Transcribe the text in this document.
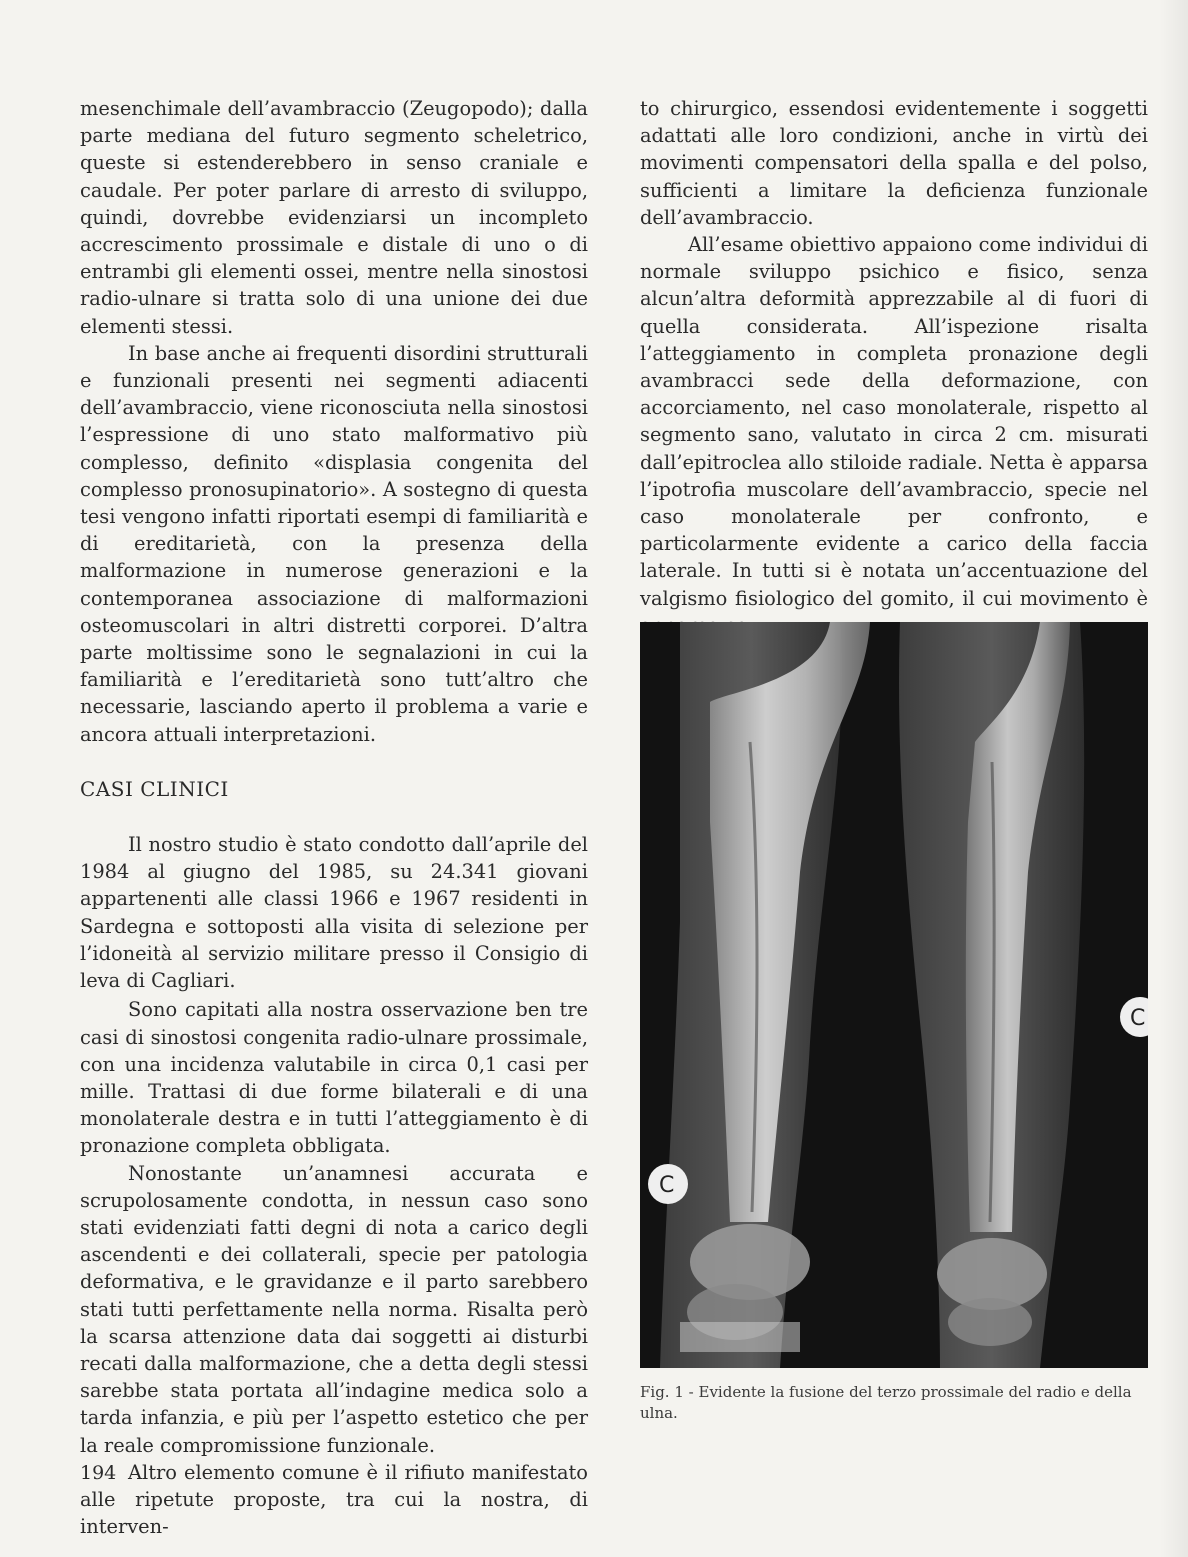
mesenchimale dell’avambraccio (Zeugopodo); dalla parte mediana del futuro segmento scheletrico, queste si estenderebbero in senso craniale e caudale. Per poter parlare di arresto di sviluppo, quindi, dovrebbe evidenziarsi un incompleto accrescimento prossimale e distale di uno o di entrambi gli elementi ossei, mentre nella sinostosi radio-ulnare si tratta solo di una unione dei due elementi stessi.

In base anche ai frequenti disordini strutturali e funzionali presenti nei segmenti adiacenti dell’avambraccio, viene riconosciuta nella sinostosi l’espressione di uno stato malformativo più complesso, definito «displasia congenita del complesso pronosupinatorio». A sostegno di questa tesi vengono infatti riportati esempi di familiarità e di ereditarietà, con la presenza della malformazione in numerose generazioni e la contemporanea associazione di malformazioni osteomuscolari in altri distretti corporei. D’altra parte moltissime sono le segnalazioni in cui la familiarità e l’ereditarietà sono tutt’altro che necessarie, lasciando aperto il problema a varie e ancora attuali interpretazioni.

CASI CLINICI

Il nostro studio è stato condotto dall’aprile del 1984 al giugno del 1985, su 24.341 giovani appartenenti alle classi 1966 e 1967 residenti in Sardegna e sottoposti alla visita di selezione per l’idoneità al servizio militare presso il Consigio di leva di Cagliari.

Sono capitati alla nostra osservazione ben tre casi di sinostosi congenita radio-ulnare prossimale, con una incidenza valutabile in circa 0,1 casi per mille. Trattasi di due forme bilaterali e di una monolaterale destra e in tutti l’atteggiamento è di pronazione completa obbligata.

Nonostante un’anamnesi accurata e scrupolosamente condotta, in nessun caso sono stati evidenziati fatti degni di nota a carico degli ascendenti e dei collaterali, specie per patologia deformativa, e le gravidanze e il parto sarebbero stati tutti perfettamente nella norma. Risalta però la scarsa attenzione data dai soggetti ai disturbi recati dalla malformazione, che a detta degli stessi sarebbe stata portata all’indagine medica solo a tarda infanzia, e più per l’aspetto estetico che per la reale compromissione funzionale.

Altro elemento comune è il rifiuto manifestato alle ripetute proposte, tra cui la nostra, di interven-

to chirurgico, essendosi evidentemente i soggetti adattati alle loro condizioni, anche in virtù dei movimenti compensatori della spalla e del polso, sufficienti a limitare la deficienza funzionale dell’avambraccio.

All’esame obiettivo appaiono come individui di normale sviluppo psichico e fisico, senza alcun’altra deformità apprezzabile al di fuori di quella considerata. All’ispezione risalta l’atteggiamento in completa pronazione degli avambracci sede della deformazione, con accorciamento, nel caso monolaterale, rispetto al segmento sano, valutato in circa 2 cm. misurati dall’epitroclea allo stiloide radiale. Netta è apparsa l’ipotrofia muscolare dell’avambraccio, specie nel caso monolaterale per confronto, e particolarmente evidente a carico della faccia laterale. In tutti si è notata un’accentuazione del valgismo fisiologico del gomito, il cui movimento è

C
C
Fig. 1 - Evidente la fusione del terzo prossimale del radio e della ulna.
194
